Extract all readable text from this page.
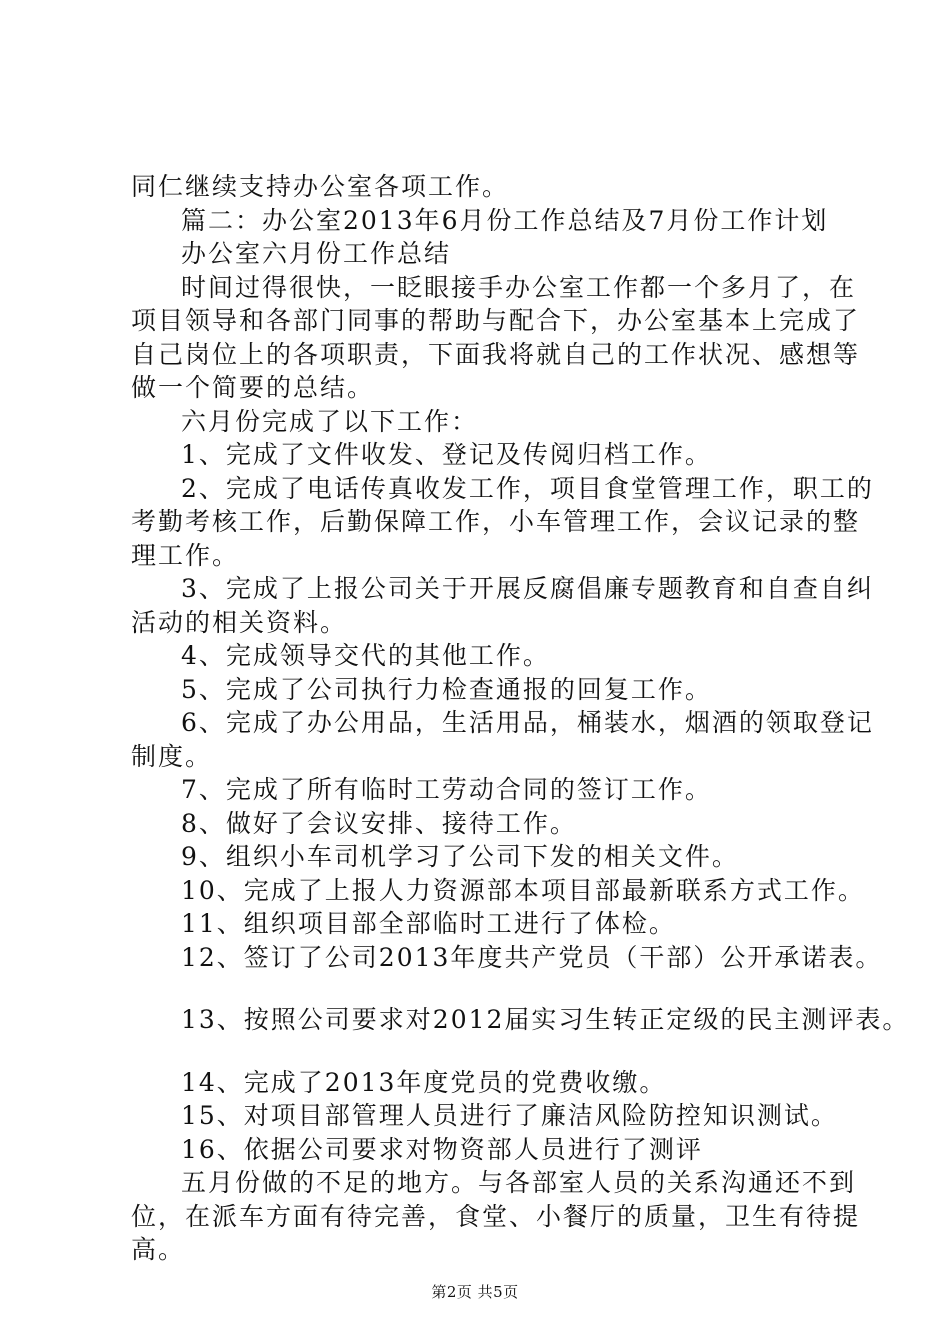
同仁继续支持办公室各项工作。
篇二：办公室2013年6月份工作总结及7月份工作计划
办公室六月份工作总结
时间过得很快，一眨眼接手办公室工作都一个多月了，在
项目领导和各部门同事的帮助与配合下，办公室基本上完成了
自己岗位上的各项职责，下面我将就自己的工作状况、感想等
做一个简要的总结。
六月份完成了以下工作：
1、完成了文件收发、登记及传阅归档工作。
2、完成了电话传真收发工作，项目食堂管理工作，职工的
考勤考核工作，后勤保障工作，小车管理工作，会议记录的整
理工作。
3、完成了上报公司关于开展反腐倡廉专题教育和自查自纠
活动的相关资料。
4、完成领导交代的其他工作。
5、完成了公司执行力检查通报的回复工作。
6、完成了办公用品，生活用品，桶装水，烟酒的领取登记
制度。
7、完成了所有临时工劳动合同的签订工作。
8、做好了会议安排、接待工作。
9、组织小车司机学习了公司下发的相关文件。
10、完成了上报人力资源部本项目部最新联系方式工作。
11、组织项目部全部临时工进行了体检。
12、签订了公司2013年度共产党员（干部）公开承诺表。
13、按照公司要求对2012届实习生转正定级的民主测评表。
14、完成了2013年度党员的党费收缴。
15、对项目部管理人员进行了廉洁风险防控知识测试。
16、依据公司要求对物资部人员进行了测评
五月份做的不足的地方。与各部室人员的关系沟通还不到
位，在派车方面有待完善，食堂、小餐厅的质量，卫生有待提
高。
第2页 共5页
